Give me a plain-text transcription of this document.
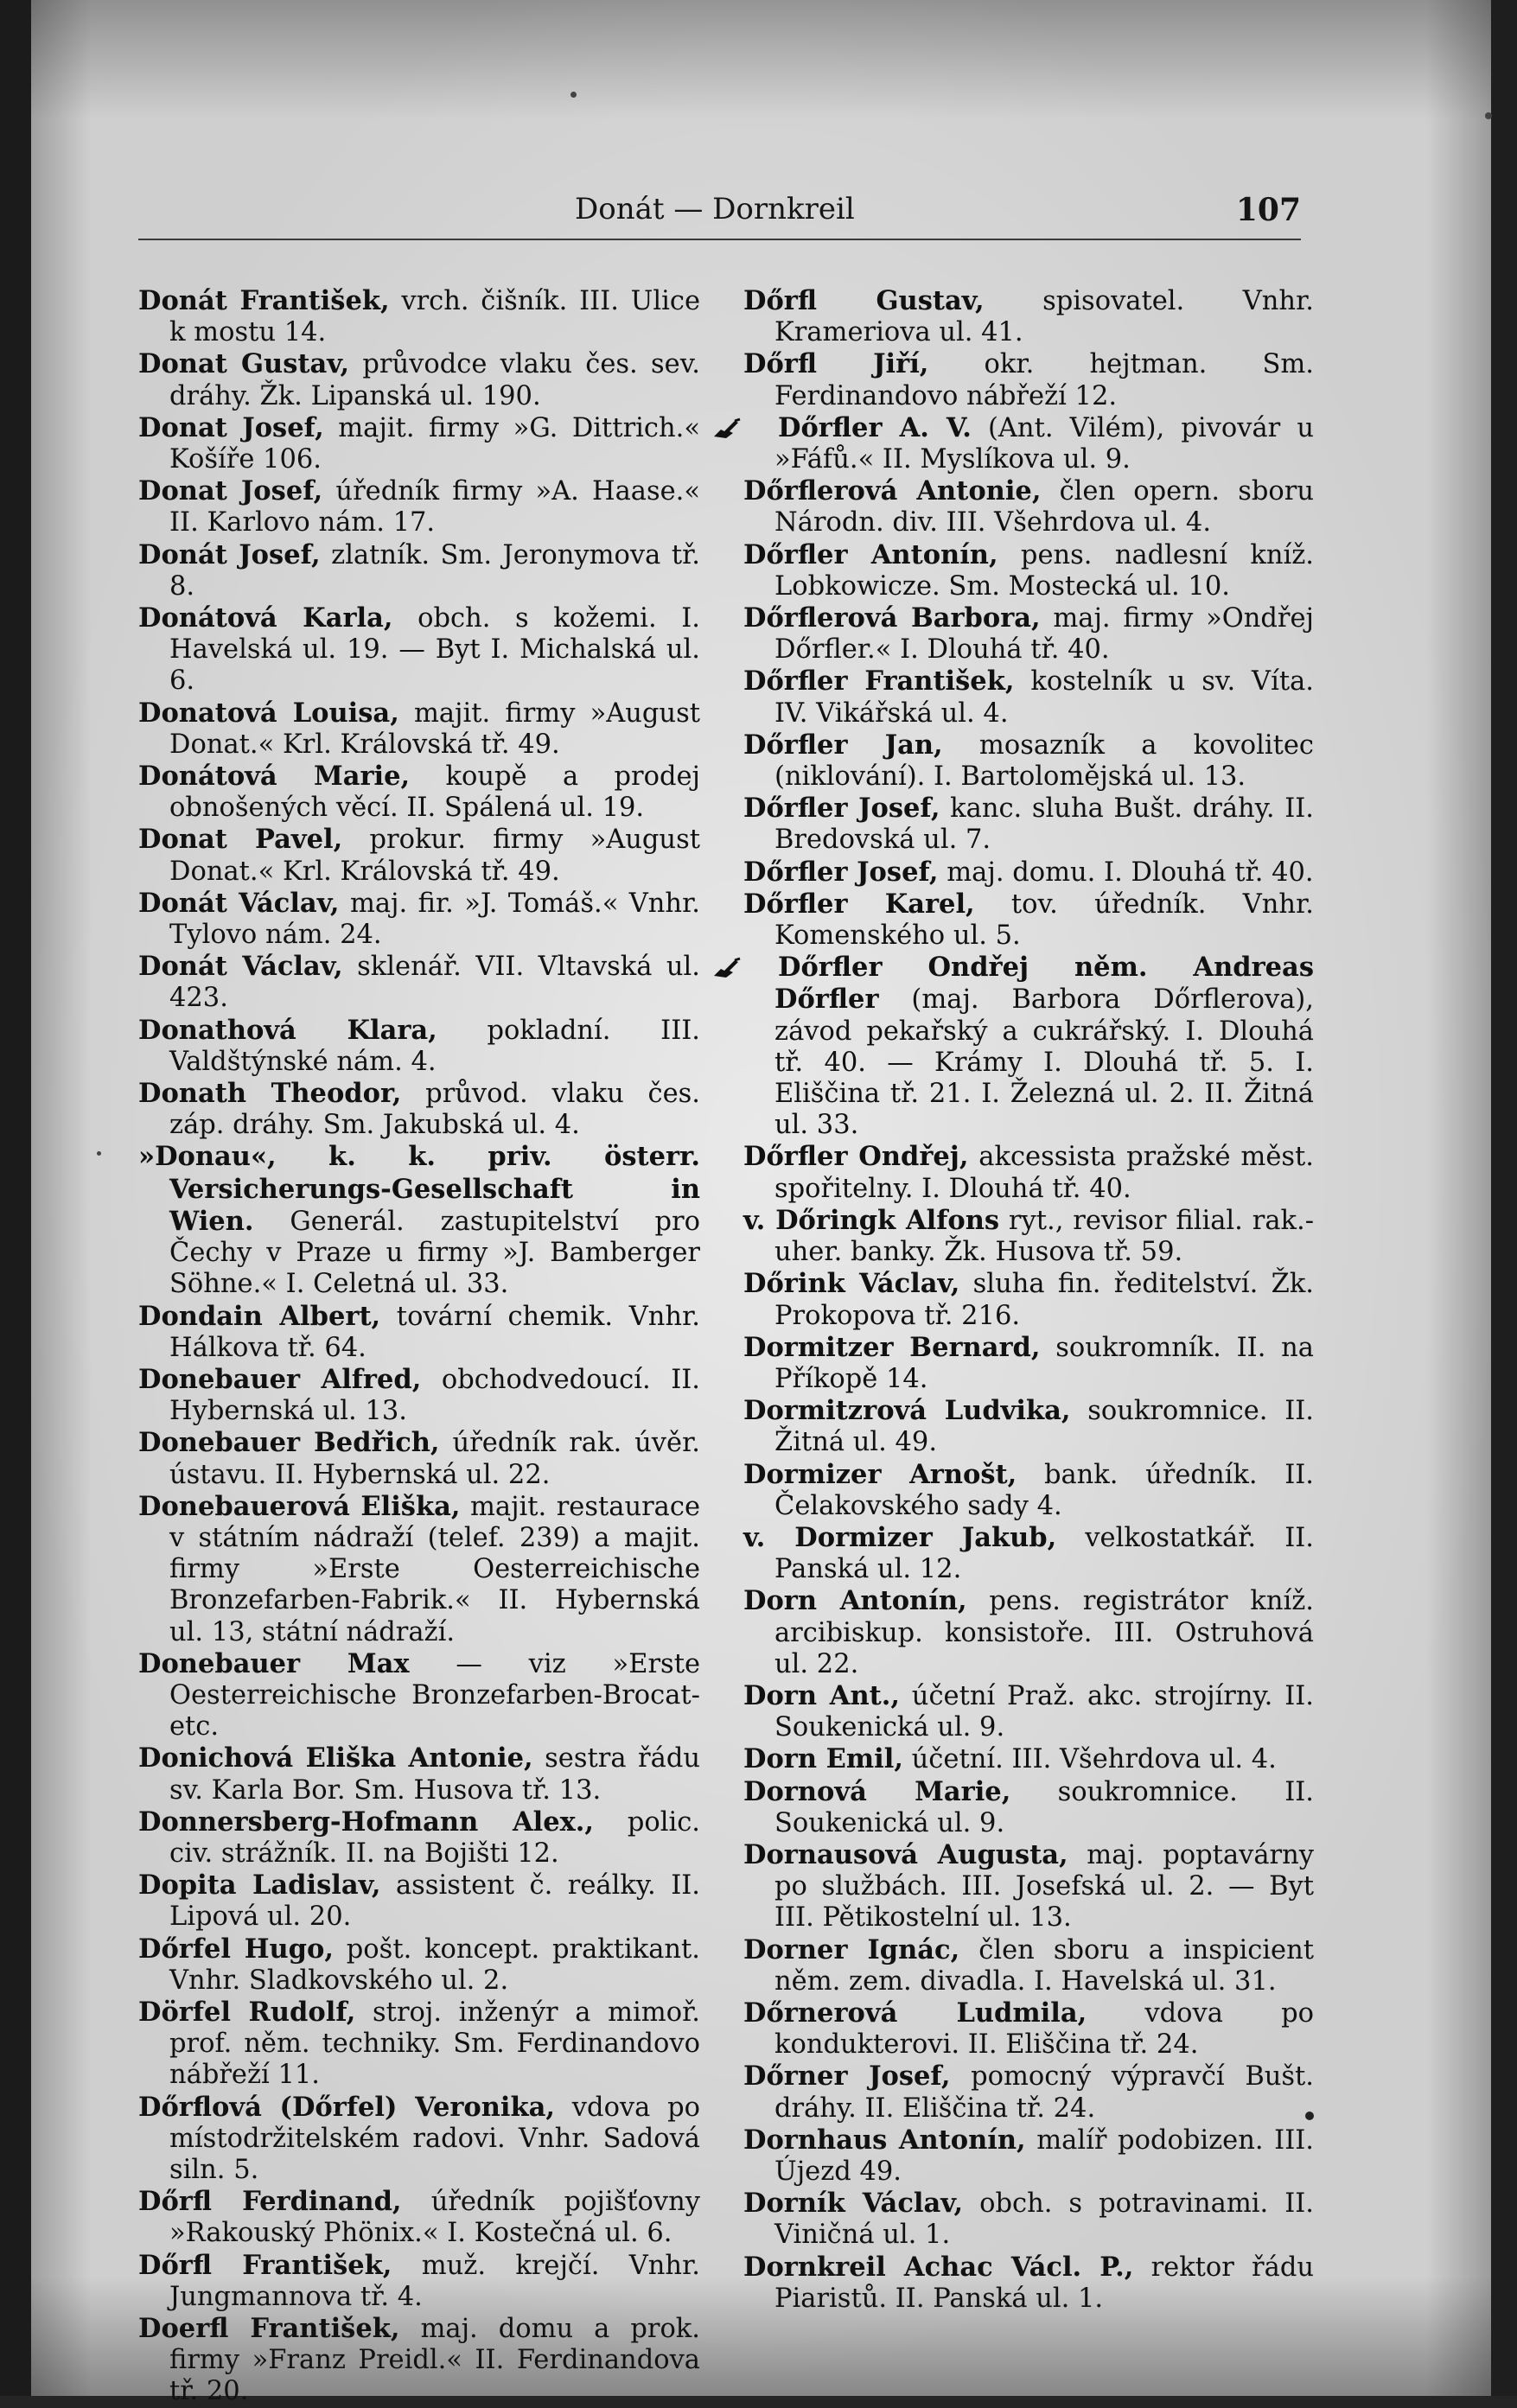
Donát — Dornkreil	107
Donát František, vrch. čišník. III. Ulice k mostu 14.
Donat Gustav, průvodce vlaku čes. sev. dráhy. Žk. Lipanská ul. 190.
Donat Josef, majit. firmy »G. Dittrich.« Košíře 106.
Donat Josef, úředník firmy »A. Haase.« II. Karlovo nám. 17.
Donát Josef, zlatník. Sm. Jeronymova tř. 8.
Donátová Karla, obch. s kožemi. I. Havelská ul. 19. — Byt I. Michalská ul. 6.
Donatová Louisa, majit. firmy »August Donat.« Krl. Královská tř. 49.
Donátová Marie, koupě a prodej obnošených věcí. II. Spálená ul. 19.
Donat Pavel, prokur. firmy »August Donat.« Krl. Královská tř. 49.
Donát Václav, maj. fir. »J. Tomáš.« Vnhr. Tylovo nám. 24.
Donát Václav, sklenář. VII. Vltavská ul. 423.
Donathová Klara, pokladní. III. Valdštýnské nám. 4.
Donath Theodor, průvod. vlaku čes. záp. dráhy. Sm. Jakubská ul. 4.
»Donau«, k. k. priv. österr. Versicherungs-Gesellschaft in Wien. Generál. zastupitelství pro Čechy v Praze u firmy »J. Bamberger Söhne.« I. Celetná ul. 33.
Dondain Albert, tovární chemik. Vnhr. Hálkova tř. 64.
Donebauer Alfred, obchodvedoucí. II. Hybernská ul. 13.
Donebauer Bedřich, úředník rak. úvěr. ústavu. II. Hybernská ul. 22.
Donebauerová Eliška, majit. restaurace v státním nádraží (telef. 239) a majit. firmy »Erste Oesterreichische Bronzefarben-Fabrik.« II. Hybernská ul. 13, státní nádraží.
Donebauer Max — viz »Erste Oesterreichische Bronzefarben-Brocat- etc.
Donichová Eliška Antonie, sestra řádu sv. Karla Bor. Sm. Husova tř. 13.
Donnersberg-Hofmann Alex., polic. civ. strážník. II. na Bojišti 12.
Dopita Ladislav, assistent č. reálky. II. Lipová ul. 20.
Dőrfel Hugo, pošt. koncept. praktikant. Vnhr. Sladkovského ul. 2.
Dörfel Rudolf, stroj. inženýr a mimoř. prof. něm. techniky. Sm. Ferdinandovo nábřeží 11.
Dőrflová (Dőrfel) Veronika, vdova po místodržitelském radovi. Vnhr. Sadová siln. 5.
Dőrfl Ferdinand, úředník pojišťovny »Rakouský Phönix.« I. Kostečná ul. 6.
Dőrfl František, muž. krejčí. Vnhr. Jungmannova tř. 4.
Doerfl František, maj. domu a prok. firmy »Franz Preidl.« II. Ferdinandova tř. 20.
Dőrfl Gustav, spisovatel. Vnhr. Krameriova ul. 41.
Dőrfl Jiří, okr. hejtman. Sm. Ferdinandovo nábřeží 12.
Dőrfler A. V. (Ant. Vilém), pivovár u »Fáfů.« II. Myslíkova ul. 9.
Dőrflerová Antonie, člen opern. sboru Národn. div. III. Všehrdova ul. 4.
Dőrfler Antonín, pens. nadlesní kníž. Lobkowicze. Sm. Mostecká ul. 10.
Dőrflerová Barbora, maj. firmy »Ondřej Dőrfler.« I. Dlouhá tř. 40.
Dőrfler František, kostelník u sv. Víta. IV. Vikářská ul. 4.
Dőrfler Jan, mosazník a kovolitec (niklování). I. Bartolomějská ul. 13.
Dőrfler Josef, kanc. sluha Bušt. dráhy. II. Bredovská ul. 7.
Dőrfler Josef, maj. domu. I. Dlouhá tř. 40.
Dőrfler Karel, tov. úředník. Vnhr. Komenského ul. 5.
Dőrfler Ondřej něm. Andreas Dőrfler (maj. Barbora Dőrflerova), závod pekařský a cukrářský. I. Dlouhá tř. 40. — Krámy I. Dlouhá tř. 5. I. Eliščina tř. 21. I. Železná ul. 2. II. Žitná ul. 33.
Dőrfler Ondřej, akcessista pražské měst. spořitelny. I. Dlouhá tř. 40.
v. Dőringk Alfons ryt., revisor filial. rak.-uher. banky. Žk. Husova tř. 59.
Dőrink Václav, sluha fin. ředitelství. Žk. Prokopova tř. 216.
Dormitzer Bernard, soukromník. II. na Příkopě 14.
Dormitzrová Ludvika, soukromnice. II. Žitná ul. 49.
Dormizer Arnošt, bank. úředník. II. Čelakovského sady 4.
v. Dormizer Jakub, velkostatkář. II. Panská ul. 12.
Dorn Antonín, pens. registrátor kníž. arcibiskup. konsistoře. III. Ostruhová ul. 22.
Dorn Ant., účetní Praž. akc. strojírny. II. Soukenická ul. 9.
Dorn Emil, účetní. III. Všehrdova ul. 4.
Dornová Marie, soukromnice. II. Soukenická ul. 9.
Dornausová Augusta, maj. poptavárny po službách. III. Josefská ul. 2. — Byt III. Pětikostelní ul. 13.
Dorner Ignác, člen sboru a inspicient něm. zem. divadla. I. Havelská ul. 31.
Dőrnerová Ludmila, vdova po kondukterovi. II. Eliščina tř. 24.
Dőrner Josef, pomocný výpravčí Bušt. dráhy. II. Eliščina tř. 24.
Dornhaus Antonín, malíř podobizen. III. Újezd 49.
Dorník Václav, obch. s potravinami. II. Viničná ul. 1.
Dornkreil Achac Václ. P., rektor řádu Piaristů. II. Panská ul. 1.
